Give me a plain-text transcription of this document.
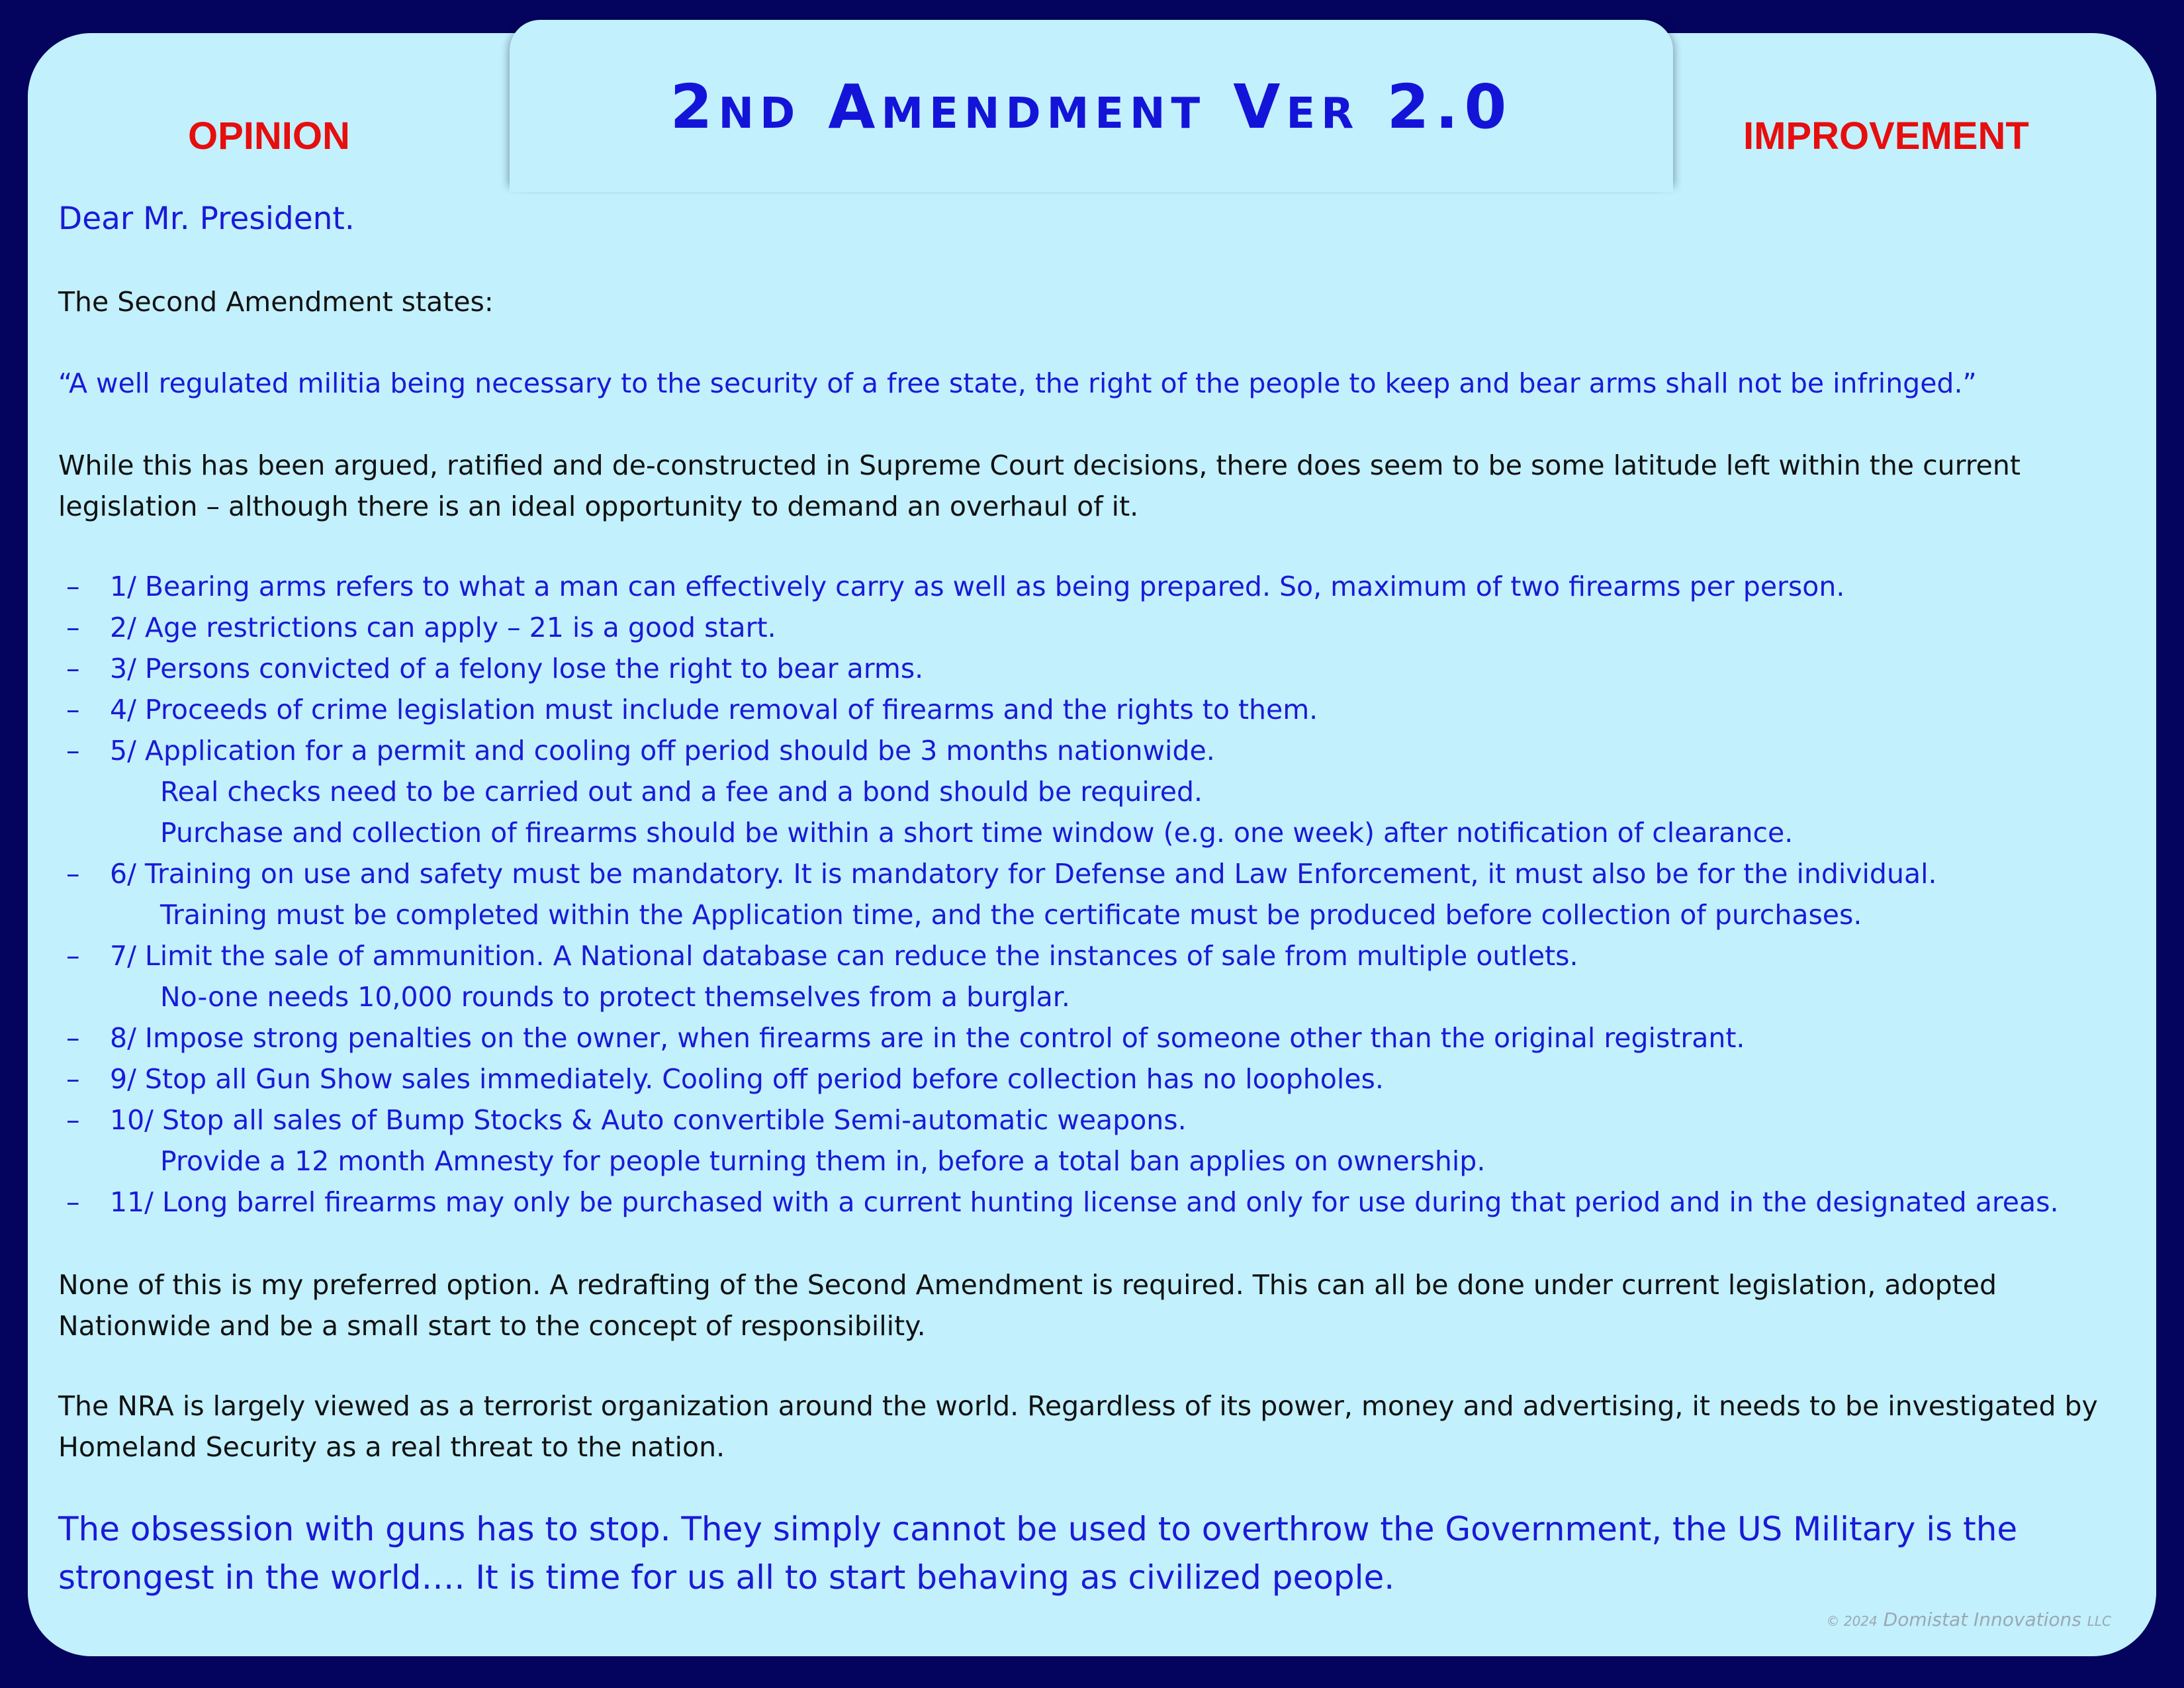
2nd Amendment Ver 2.0
OPINION	IMPROVEMENT

Dear Mr. President.

The Second Amendment states:

“A well regulated militia being necessary to the security of a free state, the right of the people to keep and bear arms shall not be infringed.”

While this has been argued, ratified and de-constructed in Supreme Court decisions, there does seem to be some latitude left within the current legislation – although there is an ideal opportunity to demand an overhaul of it.

– 1/ Bearing arms refers to what a man can effectively carry as well as being prepared. So, maximum of two firearms per person.
– 2/ Age restrictions can apply – 21 is a good start.
– 3/ Persons convicted of a felony lose the right to bear arms.
– 4/ Proceeds of crime legislation must include removal of firearms and the rights to them.
– 5/ Application for a permit and cooling off period should be 3 months nationwide.
Real checks need to be carried out and a fee and a bond should be required.
Purchase and collection of firearms should be within a short time window (e.g. one week) after notification of clearance.
– 6/ Training on use and safety must be mandatory. It is mandatory for Defense and Law Enforcement, it must also be for the individual.
Training must be completed within the Application time, and the certificate must be produced before collection of purchases.
– 7/ Limit the sale of ammunition. A National database can reduce the instances of sale from multiple outlets.
No-one needs 10,000 rounds to protect themselves from a burglar.
– 8/ Impose strong penalties on the owner, when firearms are in the control of someone other than the original registrant.
– 9/ Stop all Gun Show sales immediately. Cooling off period before collection has no loopholes.
– 10/ Stop all sales of Bump Stocks & Auto convertible Semi-automatic weapons.
Provide a 12 month Amnesty for people turning them in, before a total ban applies on ownership.
– 11/ Long barrel firearms may only be purchased with a current hunting license and only for use during that period and in the designated areas.

None of this is my preferred option. A redrafting of the Second Amendment is required. This can all be done under current legislation, adopted Nationwide and be a small start to the concept of responsibility.

The NRA is largely viewed as a terrorist organization around the world. Regardless of its power, money and advertising, it needs to be investigated by Homeland Security as a real threat to the nation.

The obsession with guns has to stop. They simply cannot be used to overthrow the Government, the US Military is the strongest in the world…. It is time for us all to start behaving as civilized people.

© 2024 Domistat Innovations LLC
